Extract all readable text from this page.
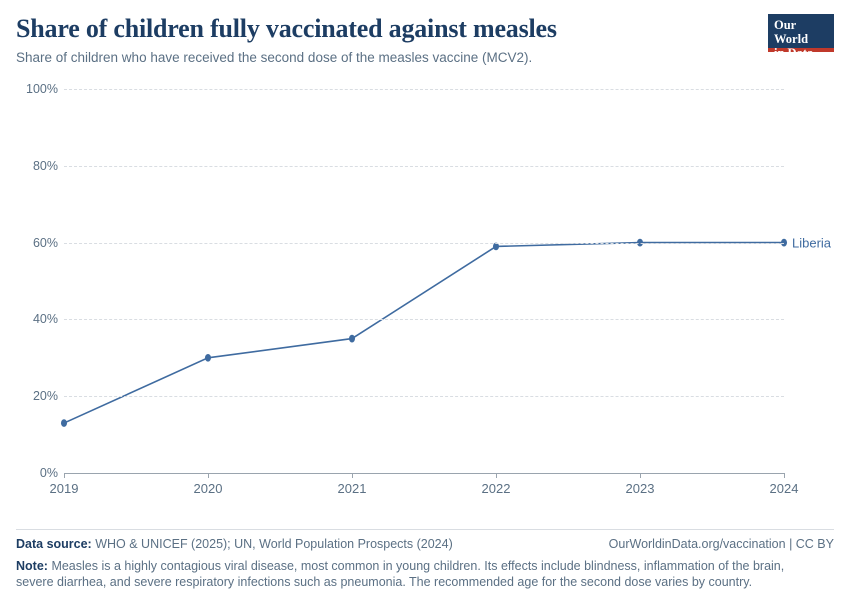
Share of children fully vaccinated against measles
Share of children who have received the second dose of the measles vaccine (MCV2).
Our World
in Data
0%
20%
40%
60%
80%
100%
2019	2020	2021	2022	2023	2024
Liberia
Data source: WHO & UNICEF (2025); UN, World Population Prospects (2024)	OurWorldinData.org/vaccination | CC BY
Note: Measles is a highly contagious viral disease, most common in young children. Its effects include blindness, inflammation of the brain, severe diarrhea, and severe respiratory infections such as pneumonia. The recommended age for the second dose varies by country.
